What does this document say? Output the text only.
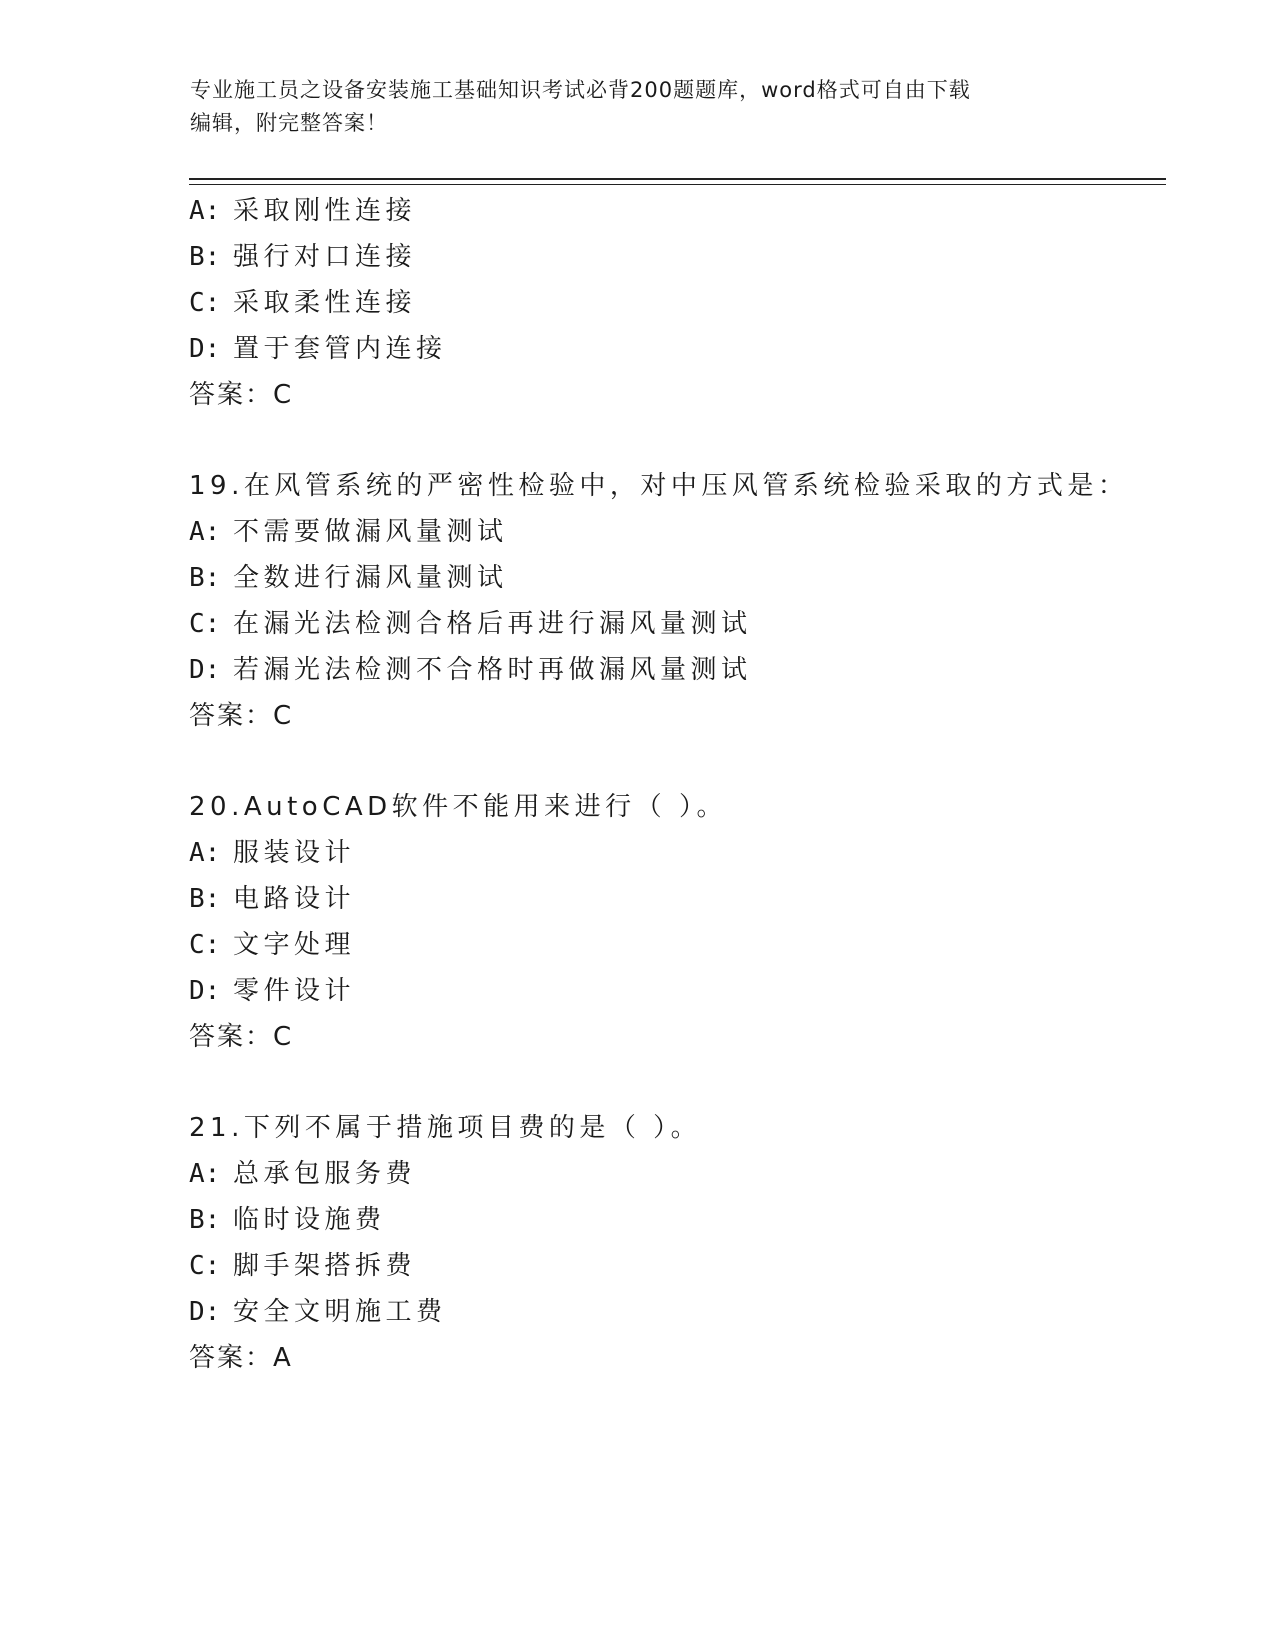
专业施工员之设备安装施工基础知识考试必背200题题库，word格式可自由下载
编辑，附完整答案！
A: 采取刚性连接
B: 强行对口连接
C: 采取柔性连接
D: 置于套管内连接
答案：C
19.在风管系统的严密性检验中，对中压风管系统检验采取的方式是：
A: 不需要做漏风量测试
B: 全数进行漏风量测试
C: 在漏光法检测合格后再进行漏风量测试
D: 若漏光法检测不合格时再做漏风量测试
答案：C
20.AutoCAD软件不能用来进行（ ）。
A: 服装设计
B: 电路设计
C: 文字处理
D: 零件设计
答案：C
21.下列不属于措施项目费的是（ ）。
A: 总承包服务费
B: 临时设施费
C: 脚手架搭拆费
D: 安全文明施工费
答案：A
